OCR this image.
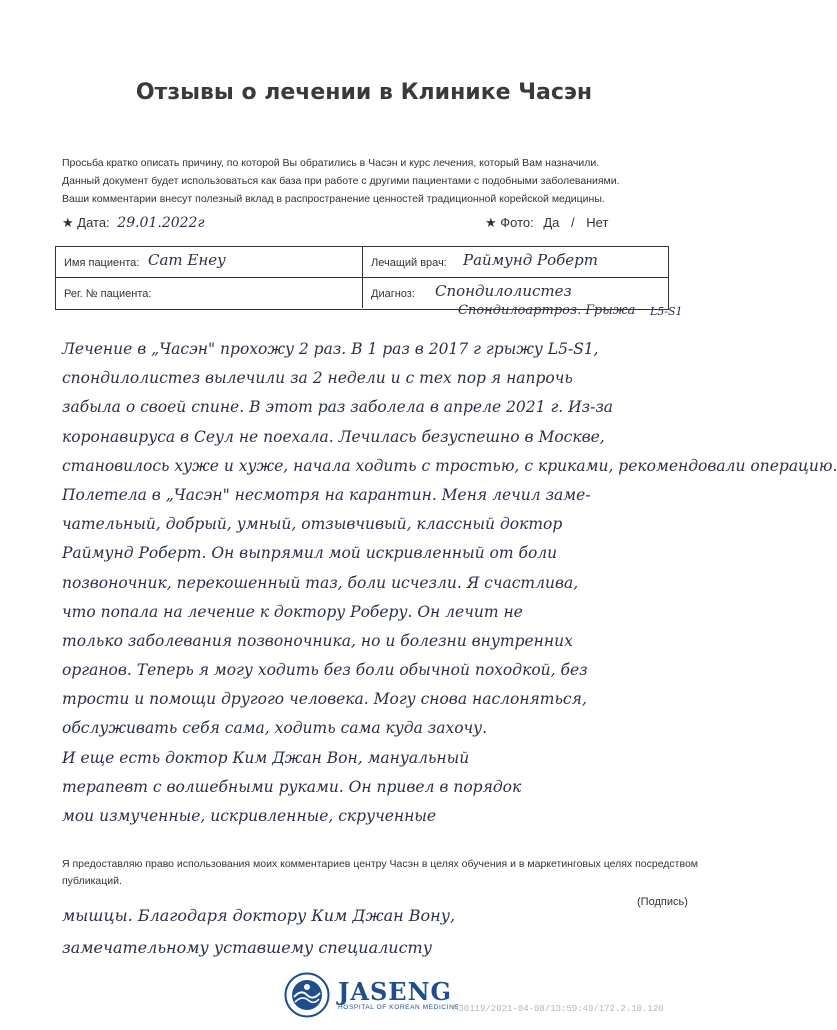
Отзывы о лечении в Клинике Часэн
Просьба кратко описать причину, по которой Вы обратились в Часэн и курс лечения, который Вам назначили.
Данный документ будет использоваться как база при работе с другими пациентами с подобными заболеваниями.
Ваши комментарии внесут полезный вклад в распространение ценностей традиционной корейской медицины.
★ Дата: 29.01.2022г	★ Фото: Да / Нет
Имя пациента: Сат Енеу	Лечащий врач: Раймунд Роберт
Рег. № пациента:	Диагноз: Спондилолистез
Спондилоартроз. Грыжа L5-S1
Лечение в „Часэн" прохожу 2 раз. В 1 раз в 2017 г грыжу L5-S1,
спондилолистез вылечили за 2 недели и с тех пор я напрочь
забыла о своей спине. В этот раз заболела в апреле 2021 г. Из-за
коронавируса в Сеул не поехала. Лечилась безуспешно в Москве,
становилось хуже и хуже, начала ходить с тростью, с криками, рекомендовали операцию.
Полетела в „Часэн" несмотря на карантин. Меня лечил заме-
чательный, добрый, умный, отзывчивый, классный доктор
Раймунд Роберт. Он выпрямил мой искривленный от боли
позвоночник, перекошенный таз, боли исчезли. Я счастлива,
что попала на лечение к доктору Роберу. Он лечит не
только заболевания позвоночника, но и болезни внутренних
органов. Теперь я могу ходить без боли обычной походкой, без
трости и помощи другого человека. Могу снова наслоняться,
обслуживать себя сама, ходить сама куда захочу.
И еще есть доктор Ким Джан Вон, мануальный
терапевт с волшебными руками. Он привел в порядок
мои измученные, искривленные, скрученные
Я предоставляю право использования моих комментариев центру Часэн в целях обучения и в маркетинговых целях посредством публикаций.
(Подпись)
мышцы. Благодаря доктору Ким Джан Вону,
замечательному уставшему специалисту
JASENG
HOSPITAL OF KOREAN MEDICINE
M30119/2021-04-08/13:59:49/172.2.10.120
